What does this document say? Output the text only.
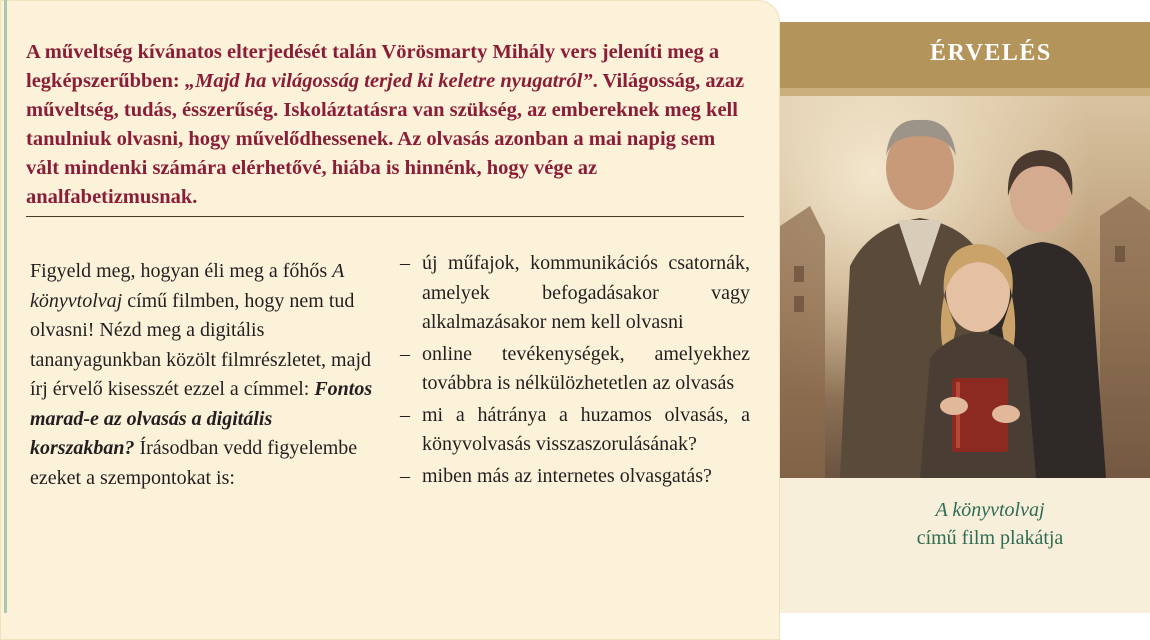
A műveltség kívánatos elterjedését talán Vörösmarty Mihály vers jeleníti meg a legképszerűbben: „Majd ha világosság terjed ki keletre nyugatról”. Világosság, azaz műveltség, tudás, ésszerűség. Iskoláztatásra van szükség, az embereknek meg kell tanulniuk olvasni, hogy művelődhessenek. Az olvasás azonban a mai napig sem vált mindenki számára elérhetővé, hiába is hinnénk, hogy vége az analfabetizmusnak.

Figyeld meg, hogyan éli meg a főhős A könyvtolvaj című filmben, hogy nem tud olvasni! Nézd meg a digitális tananyagunkban közölt filmrészletet, majd írj érvelő kisesszét ezzel a címmel: Fontos marad-e az olvasás a digitális korszakban? Írásodban vedd figyelembe ezeket a szempontokat is:

– új műfajok, kommunikációs csatornák, amelyek befogadásakor vagy alkalmazásakor nem kell olvasni
– online tevékenységek, amelyekhez továbbra is nélkülözhetetlen az olvasás
– mi a hátránya a huzamos olvasás, a könyvolvasás visszaszorulásának?
– miben más az internetes olvasgatás?
ÉRVELÉS
A könyvtolvaj
című film plakátja
